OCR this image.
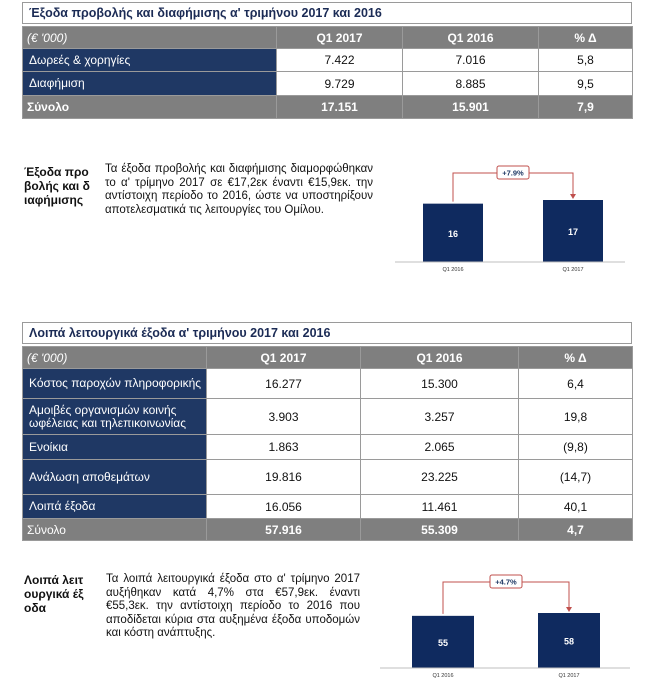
Έξοδα προβολής και διαφήμισης α' τριμήνου 2017 και 2016
(€ '000)	Q1 2017	Q1 2016	% Δ
Δωρεές & χορηγίες	7.422	7.016	5,8
Διαφήμιση	9.729	8.885	9,5
Σύνολο	17.151	15.901	7,9
Έξοδα προβολής και διαφήμισης
Τα έξοδα προβολής και διαφήμισης διαμορφώθηκαν το α' τρίμηνο 2017 σε €17,2εκ έναντι €15,9εκ. την αντίστοιχη περίοδο το 2016, ώστε να υποστηρίξουν αποτελεσματικά τις λειτουργίες του Ομίλου.
16
Q1 2016
17
Q1 2017
+7.9%
Λοιπά λειτουργικά έξοδα α' τριμήνου 2017 και 2016
(€ '000)	Q1 2017	Q1 2016	% Δ
Κόστος παροχών πληροφορικής	16.277	15.300	6,4
Αμοιβές οργανισμών κοινής ωφέλειας και τηλεπικοινωνίας	3.903	3.257	19,8
Ενοίκια	1.863	2.065	(9,8)
Ανάλωση αποθεμάτων	19.816	23.225	(14,7)
Λοιπά έξοδα	16.056	11.461	40,1
Σύνολο	57.916	55.309	4,7
Λοιπά λειτουργικά έξοδα
Τα λοιπά λειτουργικά έξοδα στο α' τρίμηνο 2017 αυξήθηκαν κατά 4,7% στα €57,9εκ. έναντι €55,3εκ. την αντίστοιχη περίοδο το 2016 που αποδίδεται κύρια στα αυξημένα έξοδα υποδομών και κόστη ανάπτυξης.
55
Q1 2016
58
Q1 2017
+4.7%
